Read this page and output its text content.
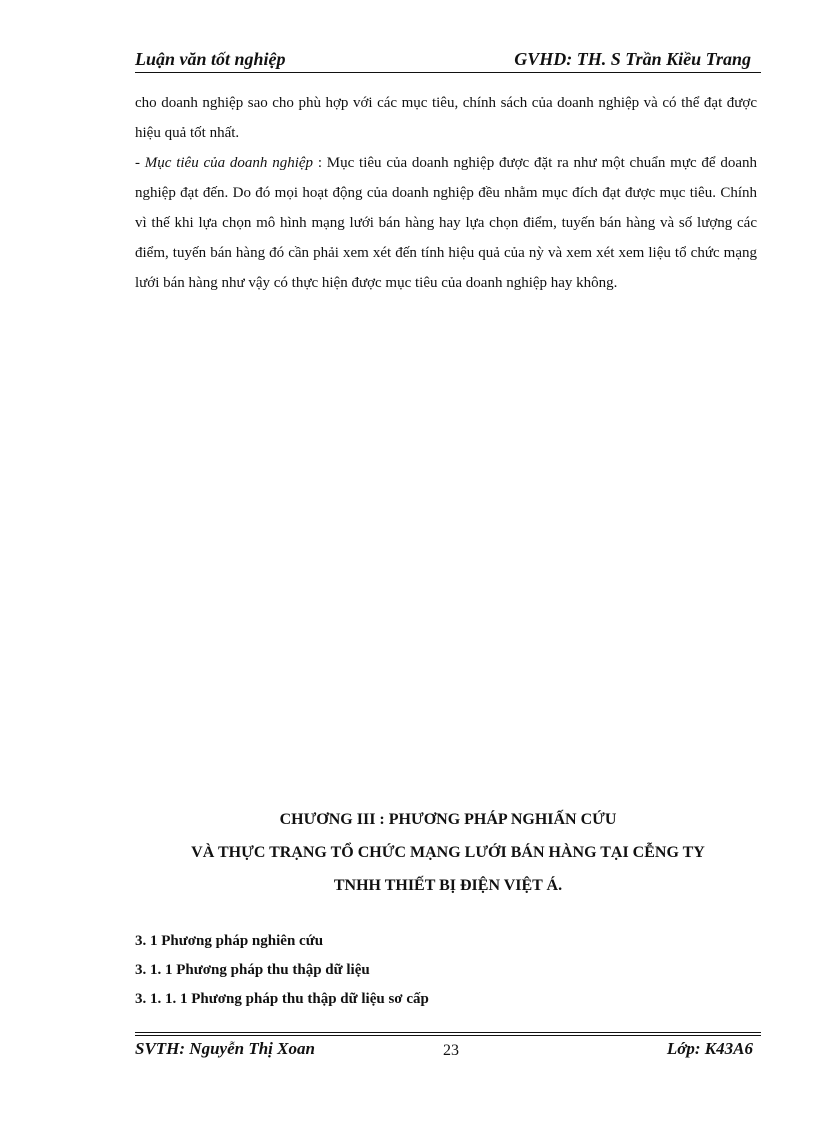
Luận văn tốt nghiệp	GVHD: TH. S Trần Kiều Trang

cho doanh nghiệp sao cho phù hợp với các mục tiêu, chính sách của doanh nghiệp và có thể đạt được hiệu quả tốt nhất.

- Mục tiêu của doanh nghiệp : Mục tiêu của doanh nghiệp được đặt ra như một chuẩn mực để doanh nghiệp đạt đến. Do đó mọi hoạt động của doanh nghiệp đều nhằm mục đích đạt được mục tiêu. Chính vì thế khi lựa chọn mô hình mạng lưới bán hàng hay lựa chọn điểm, tuyến bán hàng và số lượng các điểm, tuyến bán hàng đó cần phải xem xét đến tính hiệu quả của nỳ và xem xét xem liệu tổ chức mạng lưới bán hàng như vậy có thực hiện được mục tiêu của doanh nghiệp hay không.

CHƯƠNG III : PHƯƠNG PHÁP NGHIẤN CỨU
VÀ THỰC TRẠNG TỔ CHỨC MẠNG LƯỚI BÁN HÀNG TẠI CỄNG TY
TNHH THIẾT BỊ ĐIỆN VIỆT Á.
3. 1 Phương pháp nghiên cứu
3. 1. 1 Phương pháp thu thập dữ liệu
3. 1. 1. 1 Phương pháp thu thập dữ liệu sơ cấp
SVTH: Nguyễn Thị Xoan	23	Lớp: K43A6
